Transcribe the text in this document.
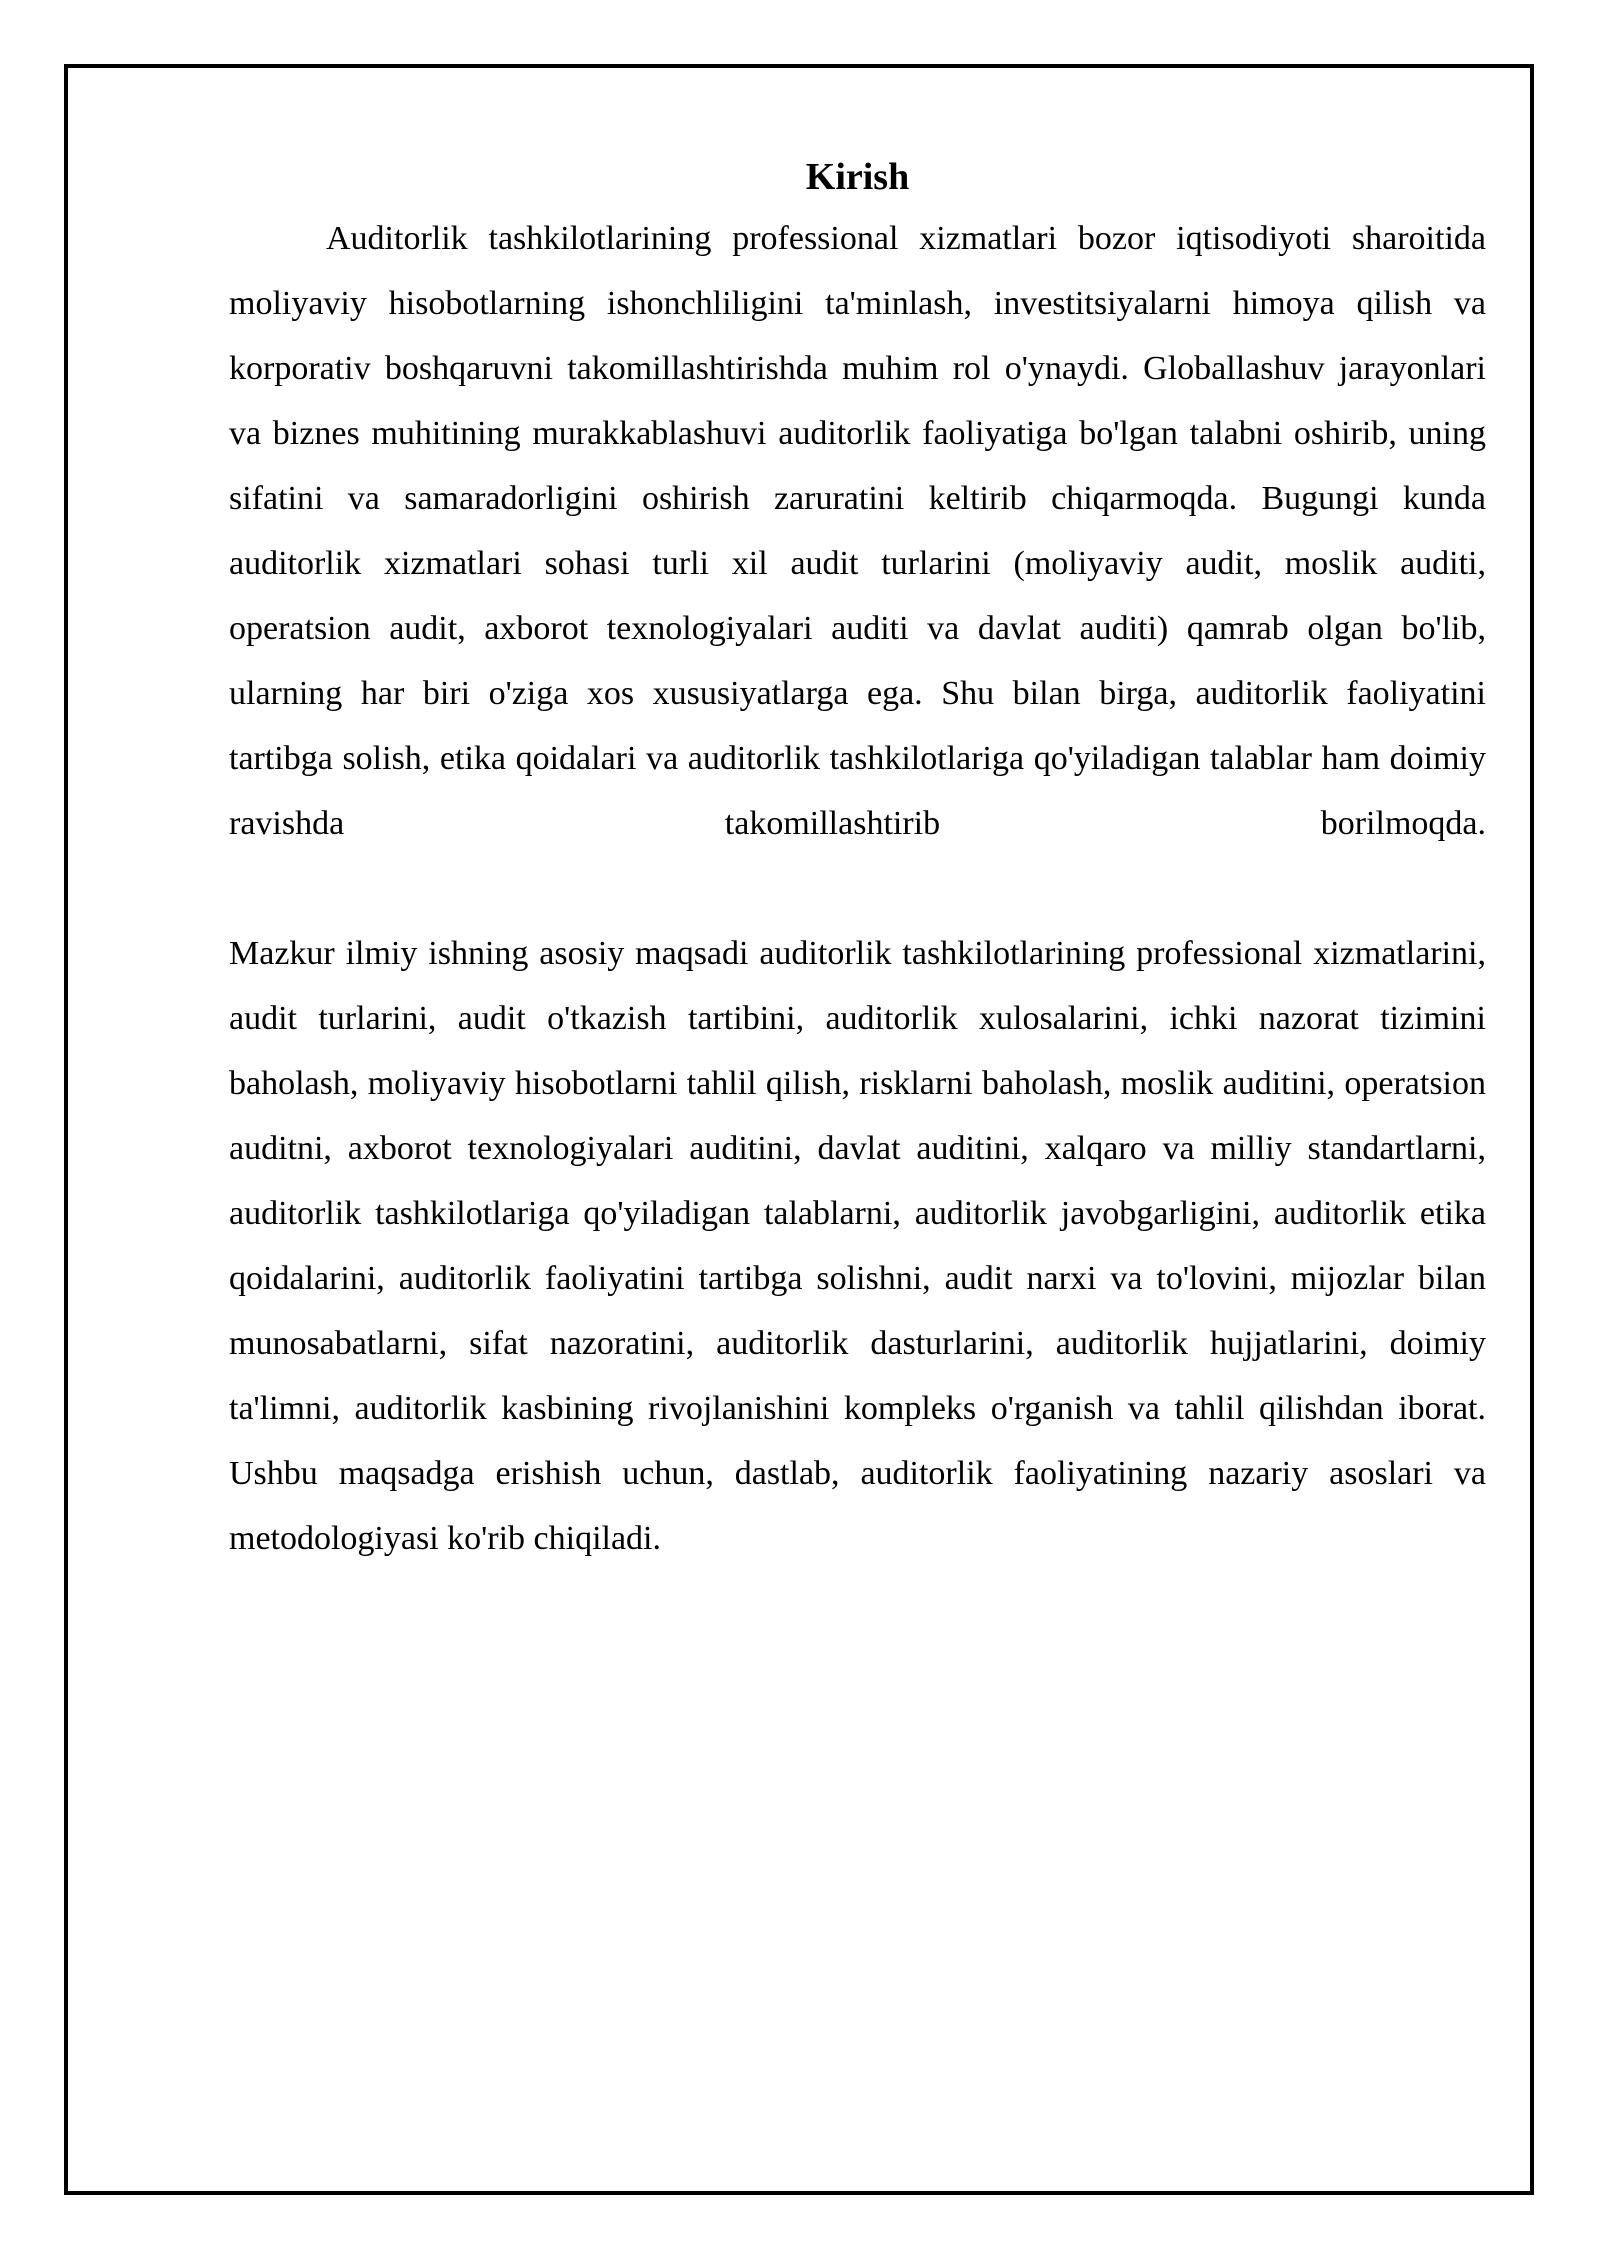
Kirish

Auditorlik tashkilotlarining professional xizmatlari bozor iqtisodiyoti sharoitida moliyaviy hisobotlarning ishonchliligini ta'minlash, investitsiyalarni himoya qilish va korporativ boshqaruvni takomillashtirishda muhim rol o'ynaydi. Globallashuv jarayonlari va biznes muhitining murakkablashuvi auditorlik faoliyatiga bo'lgan talabni oshirib, uning sifatini va samaradorligini oshirish zaruratini keltirib chiqarmoqda. Bugungi kunda auditorlik xizmatlari sohasi turli xil audit turlarini (moliyaviy audit, moslik auditi, operatsion audit, axborot texnologiyalari auditi va davlat auditi) qamrab olgan bo'lib, ularning har biri o'ziga xos xususiyatlarga ega. Shu bilan birga, auditorlik faoliyatini tartibga solish, etika qoidalari va auditorlik tashkilotlariga qo'yiladigan talablar ham doimiy ravishda takomillashtirib borilmoqda.

Mazkur ilmiy ishning asosiy maqsadi auditorlik tashkilotlarining professional xizmatlarini, audit turlarini, audit o'tkazish tartibini, auditorlik xulosalarini, ichki nazorat tizimini baholash, moliyaviy hisobotlarni tahlil qilish, risklarni baholash, moslik auditini, operatsion auditni, axborot texnologiyalari auditini, davlat auditini, xalqaro va milliy standartlarni, auditorlik tashkilotlariga qo'yiladigan talablarni, auditorlik javobgarligini, auditorlik etika qoidalarini, auditorlik faoliyatini tartibga solishni, audit narxi va to'lovini, mijozlar bilan munosabatlarni, sifat nazoratini, auditorlik dasturlarini, auditorlik hujjatlarini, doimiy ta'limni, auditorlik kasbining rivojlanishini kompleks o'rganish va tahlil qilishdan iborat. Ushbu maqsadga erishish uchun, dastlab, auditorlik faoliyatining nazariy asoslari va metodologiyasi ko'rib chiqiladi.
